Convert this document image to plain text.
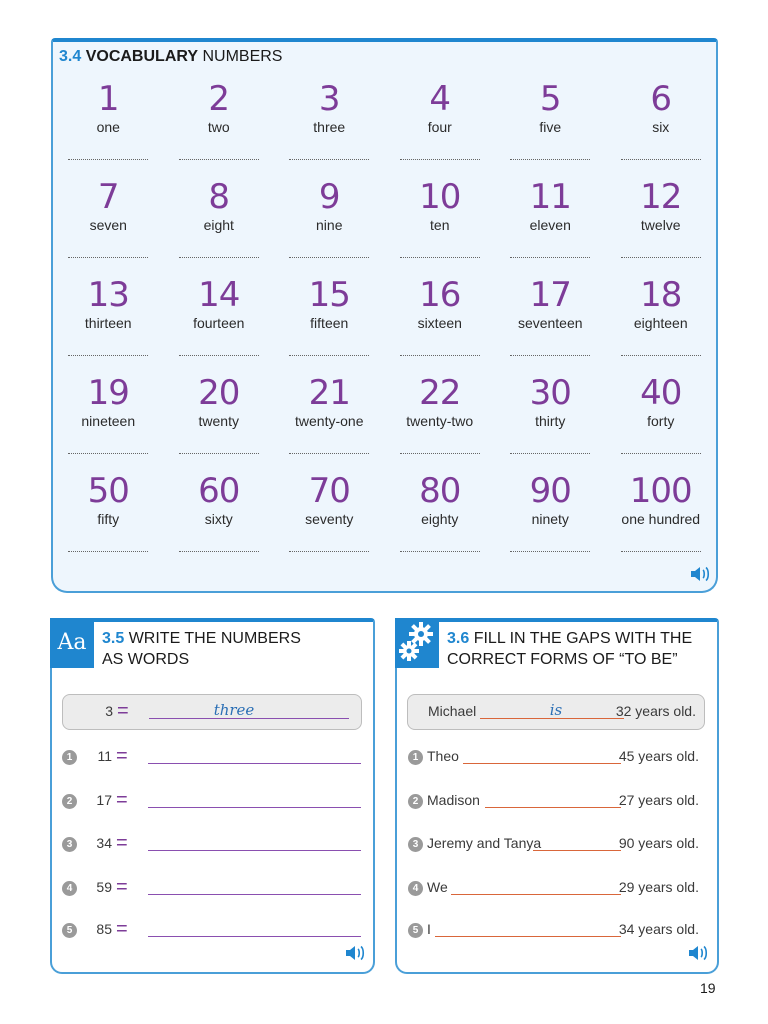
3.4 VOCABULARY NUMBERS
1
one
2
two
3
three
4
four
5
five
6
six
7
seven
8
eight
9
nine
10
ten
11
eleven
12
twelve
13
thirteen
14
fourteen
15
fifteen
16
sixteen
17
seventeen
18
eighteen
19
nineteen
20
twenty
21
twenty-one
22
twenty-two
30
thirty
40
forty
50
fifty
60
sixty
70
seventy
80
eighty
90
ninety
100
one hundred
Aa 3.5 WRITE THE NUMBERS
AS WORDS
3 =	three
1	11 =
2	17 =
3	34 =
4	59 =
5	85 =
3.6 FILL IN THE GAPS WITH THE
CORRECT FORMS OF “TO BE”
Michael	is	32 years old.
1 Theo	45 years old.
2 Madison	27 years old.
3 Jeremy and Tanya	90 years old.
4 We	29 years old.
5 I	34 years old.
19
